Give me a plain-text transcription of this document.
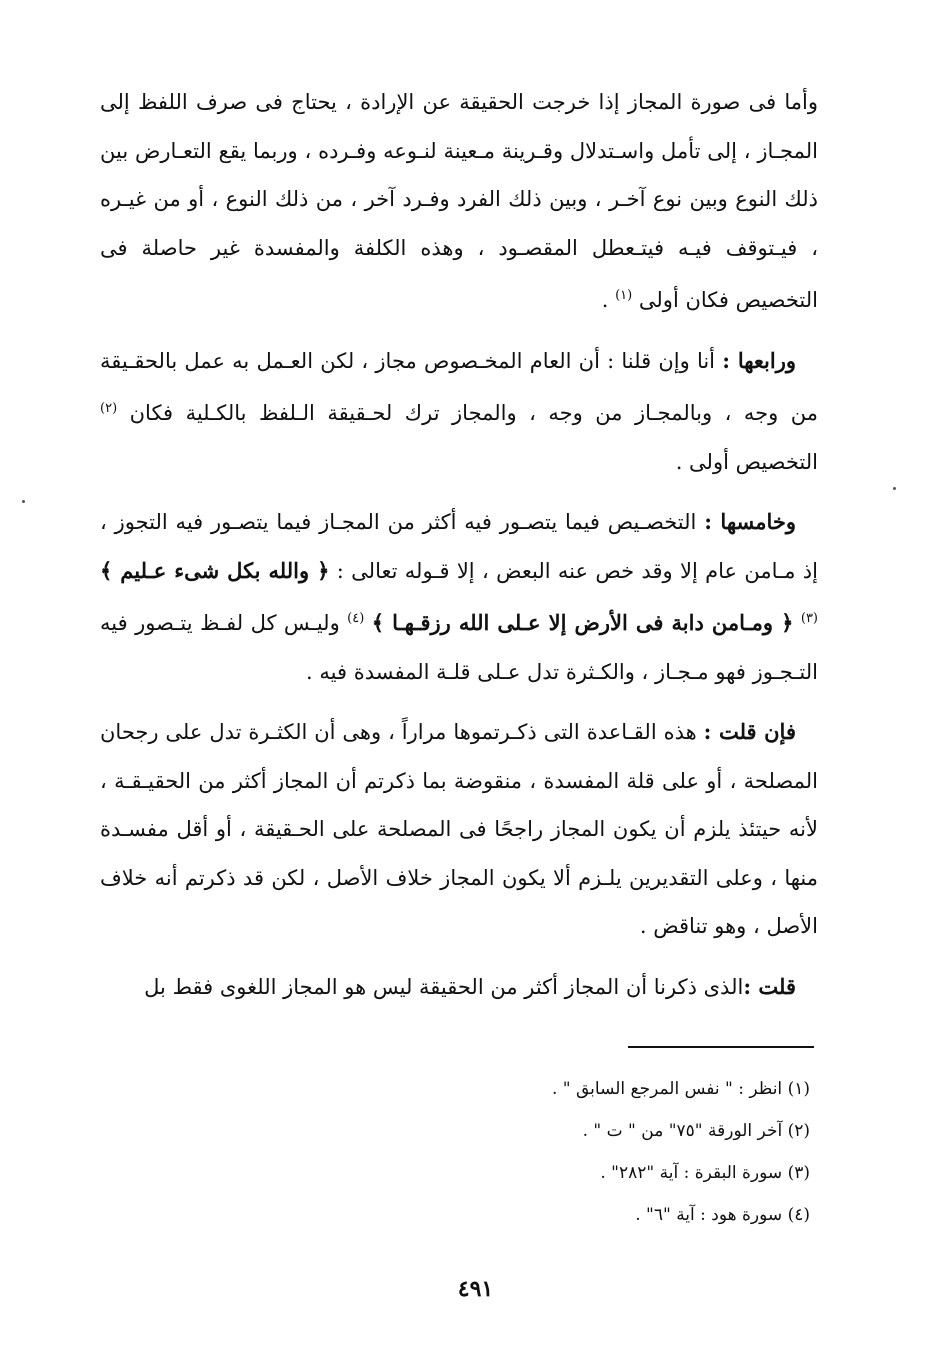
وأما فى صورة المجاز إذا خرجت الحقيقة عن الإرادة ، يحتاج فى صرف اللفظ إلى المجـاز ، إلى تأمل واسـتدلال وقـرينة مـعينة لنـوعه وفـرده ، وربما يقع التعـارض بين ذلك النوع وبين نوع آخـر ، وبين ذلك الفرد وفـرد آخر ، من ذلك النوع ، أو من غيـره ، فيـتوقف فيـه فيتـعطل المقصـود ، وهذه الكلفة والمفسدة غير حاصلة فى التخصيص فكان أولى $^{(١)}$ .

ورابعها : أنا وإن قلنا : أن العام المخـصوص مجاز ، لكن العـمل به عمل بالحقـيقة من وجه ، وبالمجـاز من وجه ، والمجاز ترك لحـقيقة الـلفظ بالكـلية فكان $^{(٢)}$ التخصيص أولى .

وخامسها : التخصـيص فيما يتصـور فيه أكثر من المجـاز فيما يتصـور فيه التجوز ، إذ مـامن عام إلا وقد خص عنه البعض ، إلا قـوله تعالى : ﴿ والله بكل شىء عـليم ﴾ $^{(٣)}$ ﴿ ومـامن دابة فى الأرض إلا عـلى الله رزقـهـا ﴾ $^{(٤)}$ وليـس كل لفـظ يتـصور فيه التـجـوز فهو مـجـاز ، والكـثرة تدل عـلى قلـة المفسدة فيه .

فإن قلت : هذه القـاعدة التى ذكـرتموها مراراً ، وهى أن الكثـرة تدل على رجحان المصلحة ، أو على قلة المفسدة ، منقوضة بما ذكرتم أن المجاز أكثر من الحقيـقـة ، لأنه حيتئذ يلزم أن يكون المجاز راجحًا فى المصلحة على الحـقيقة ، أو أقل مفسـدة منها ، وعلى التقديرين يلـزم ألا يكون المجاز خلاف الأصل ، لكن قد ذكرتم أنه خلاف الأصل ، وهو تناقض .

قلت :الذى ذكرنا أن المجاز أكثر من الحقيقة ليس هو المجاز اللغوى فقط بل

(١) انظر : " نفس المرجع السابق " .

(٢) آخر الورقة "٧٥" من " ت " .

(٣) سورة البقرة : آية "٢٨٢" .

(٤) سورة هود : آية "٦" .

٤٩١
